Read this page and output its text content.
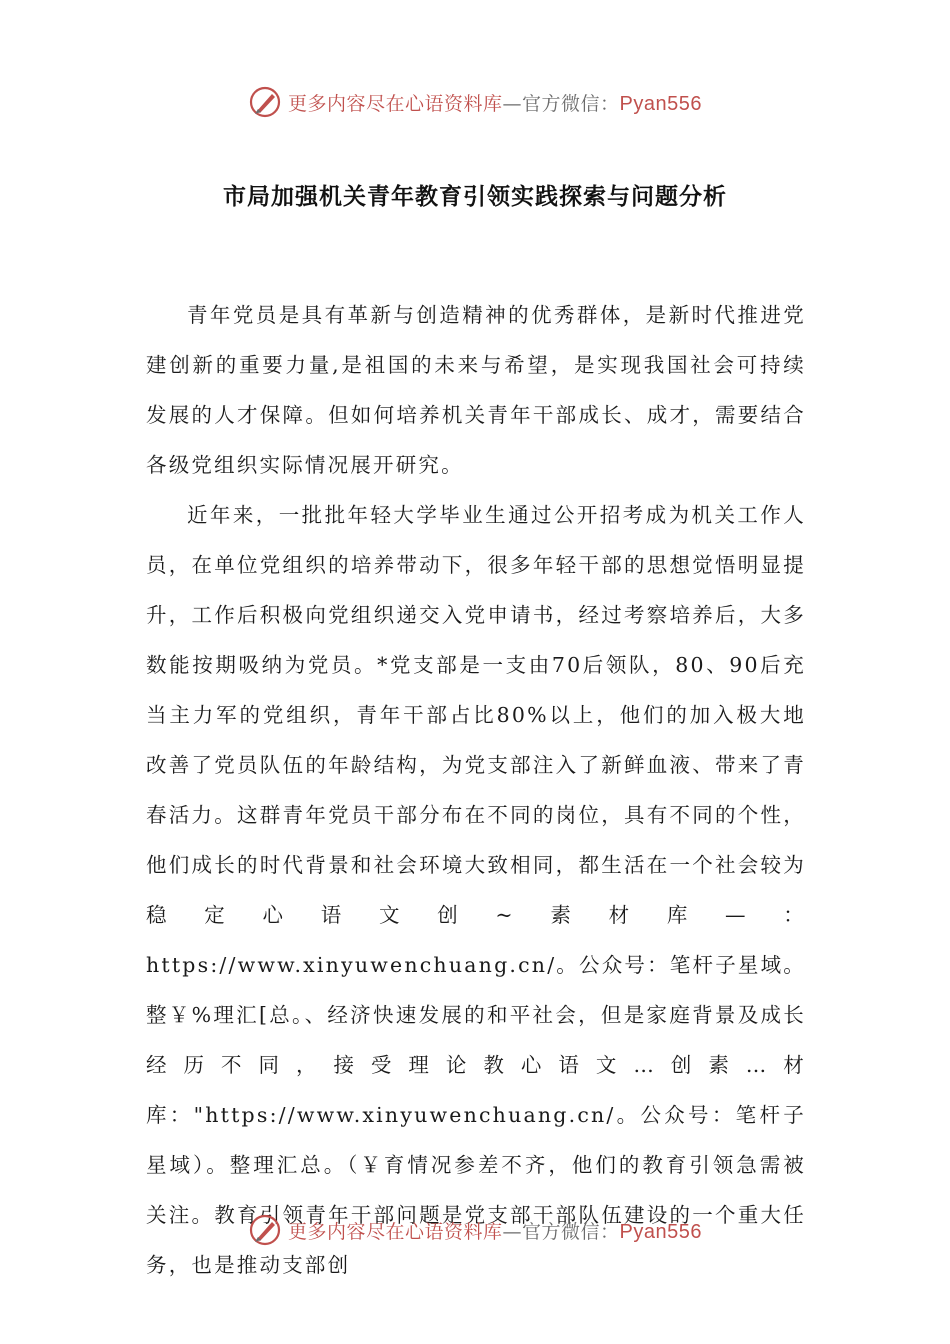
更多内容尽在心语资料库—官方微信：Pyan556
市局加强机关青年教育引领实践探索与问题分析

青年党员是具有革新与创造精神的优秀群体，是新时代推进党建创新的重要力量,是祖国的未来与希望，是实现我国社会可持续发展的人才保障。但如何培养机关青年干部成长、成才，需要结合各级党组织实际情况展开研究。

近年来，一批批年轻大学毕业生通过公开招考成为机关工作人员，在单位党组织的培养带动下，很多年轻干部的思想觉悟明显提升，工作后积极向党组织递交入党申请书，经过考察培养后，大多数能按期吸纳为党员。*党支部是一支由70后领队，80、90后充当主力军的党组织，青年干部占比80%以上，他们的加入极大地改善了党员队伍的年龄结构，为党支部注入了新鲜血液、带来了青春活力。这群青年党员干部分布在不同的岗位，具有不同的个性，他们成长的时代背景和社会环境大致相同，都生活在一个社会较为稳定心语文创~素材库—：https://www.xinyuwenchuang.cn/。公众号：笔杆子星域。整￥%理汇[总。、经济快速发展的和平社会，但是家庭背景及成长经历不同，接受理论教心语文…创素…材库："https://www.xinyuwenchuang.cn/。公众号：笔杆子星域）。整理汇总。（￥育情况参差不齐，他们的教育引领急需被关注。教育引领青年干部问题是党支部干部队伍建设的一个重大任务，也是推动支部创

更多内容尽在心语资料库—官方微信：Pyan556
